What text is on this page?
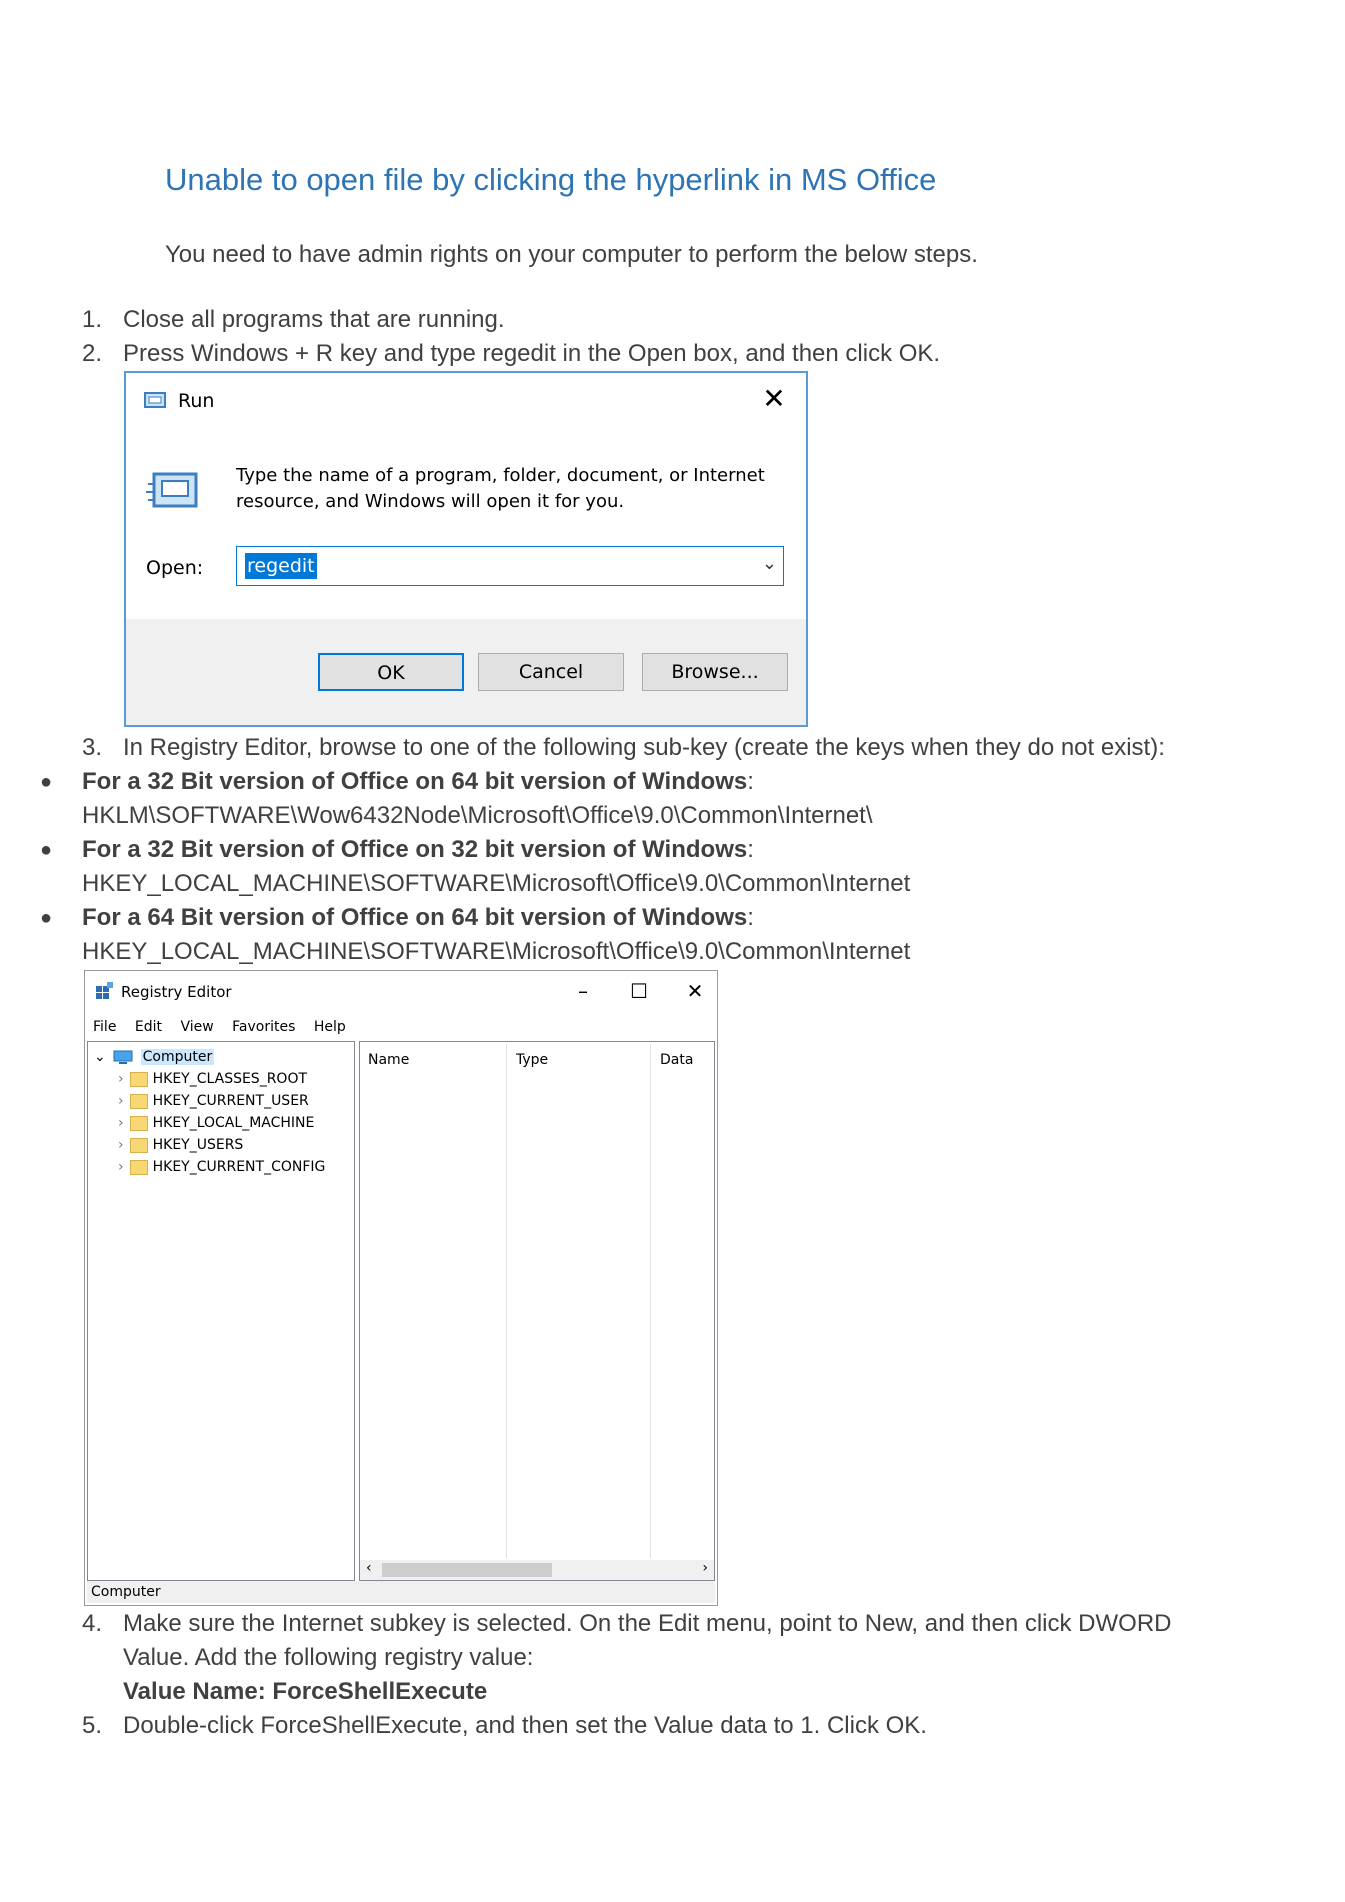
Unable to open file by clicking the hyperlink in MS Office
You need to have admin rights on your computer to perform the below steps.
1. Close all programs that are running.
2. Press Windows + R key and type regedit in the Open box, and then click OK.
Run	✕
Type the name of a program, folder, document, or Internet
resource, and Windows will open it for you.
Open: regedit	⌄
OK	Cancel	Browse...
3. In Registry Editor, browse to one of the following sub-key (create the keys when they do not exist):
● For a 32 Bit version of Office on 64 bit version of Windows:
HKLM\SOFTWARE\Wow6432Node\Microsoft\Office\9.0\Common\Internet\
● For a 32 Bit version of Office on 32 bit version of Windows:
HKEY_LOCAL_MACHINE\SOFTWARE\Microsoft\Office\9.0\Common\Internet
● For a 64 Bit version of Office on 64 bit version of Windows:
HKEY_LOCAL_MACHINE\SOFTWARE\Microsoft\Office\9.0\Common\Internet
Registry Editor	–	☐	✕
File Edit View Favorites Help
⌄	Computer
› HKEY_CLASSES_ROOT
› HKEY_CURRENT_USER
› HKEY_LOCAL_MACHINE
› HKEY_USERS
› HKEY_CURRENT_CONFIG
Name	Type	Data
‹	›
Computer
4. Make sure the Internet subkey is selected. On the Edit menu, point to New, and then click DWORD
Value. Add the following registry value:
Value Name: ForceShellExecute
5. Double-click ForceShellExecute, and then set the Value data to 1. Click OK.
